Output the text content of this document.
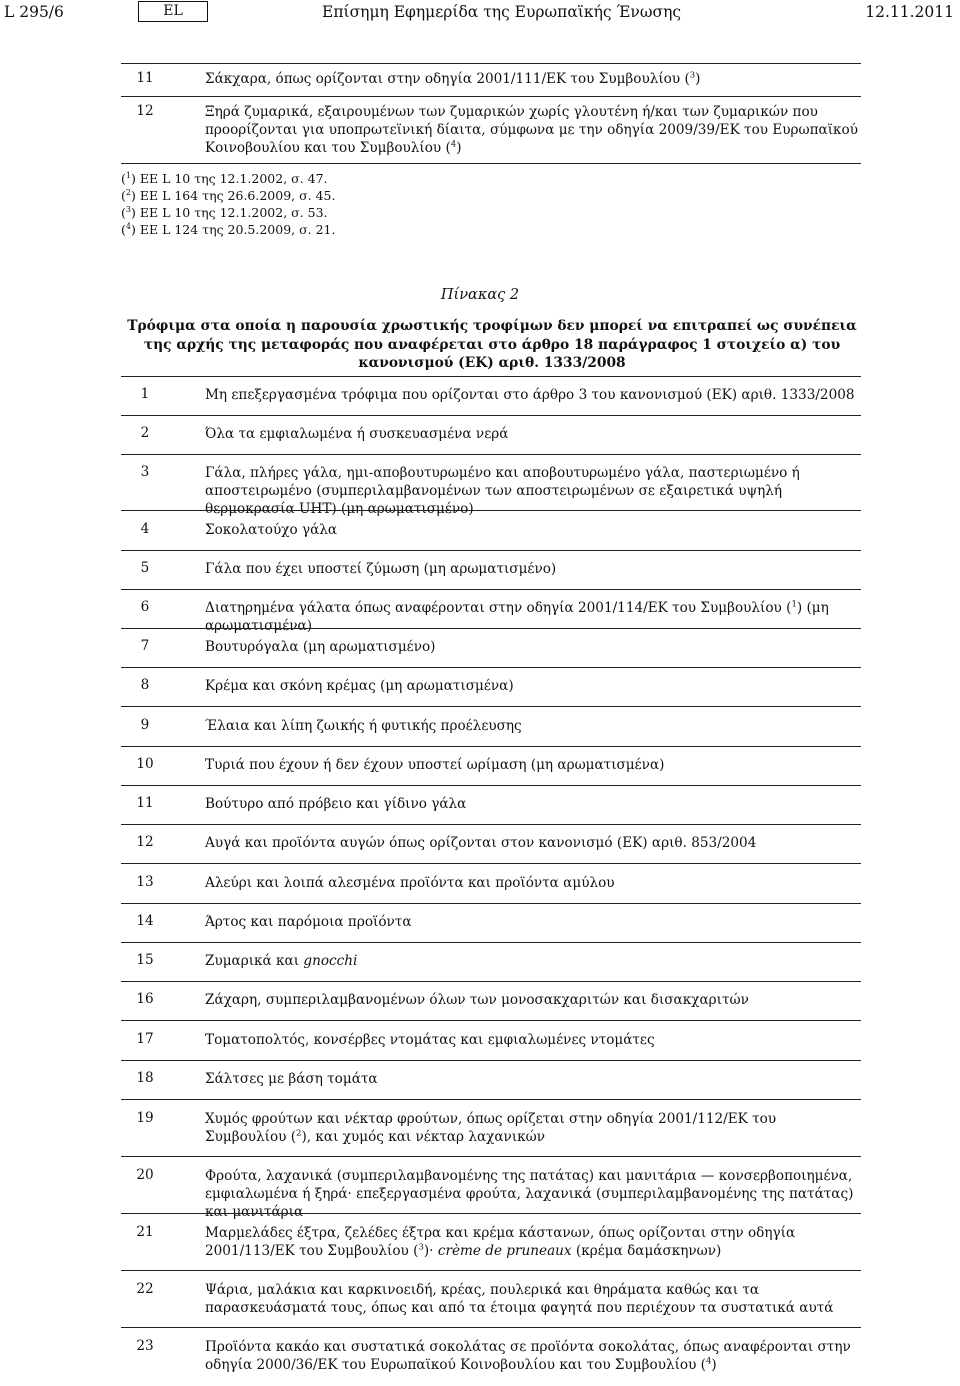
L 295/6	EL	Επίσημη Εφημερίδα της Ευρωπαϊκής Ένωσης	12.11.2011
11	Σάκχαρα, όπως ορίζονται στην οδηγία 2001/111/ΕΚ του Συμβουλίου ($^3$)
12	Ξηρά ζυμαρικά, εξαιρουμένων των ζυμαρικών χωρίς γλουτένη ή/και των ζυμαρικών που προορίζονται για υποπρωτεϊνική δίαιτα, σύμφωνα με την οδηγία 2009/39/ΕΚ του Ευρωπαϊκού Κοινοβουλίου και του Συμβουλίου ($^4$)
($^1$) ΕΕ L 10 της 12.1.2002, σ. 47.
($^2$) ΕΕ L 164 της 26.6.2009, σ. 45.
($^3$) ΕΕ L 10 της 12.1.2002, σ. 53.
($^4$) ΕΕ L 124 της 20.5.2009, σ. 21.
Πίνακας 2
Τρόφιμα στα οποία η παρουσία χρωστικής τροφίμων δεν μπορεί να επιτραπεί ως συνέπεια της αρχής της μεταφοράς που αναφέρεται στο άρθρο 18 παράγραφος 1 στοιχείο α) του κανονισμού (ΕΚ) αριθ. 1333/2008
1	Μη επεξεργασμένα τρόφιμα που ορίζονται στο άρθρο 3 του κανονισμού (ΕΚ) αριθ. 1333/2008
2	Όλα τα εμφιαλωμένα ή συσκευασμένα νερά
3	Γάλα, πλήρες γάλα, ημι-αποβουτυρωμένο και αποβουτυρωμένο γάλα, παστεριωμένο ή αποστειρωμένο (συμπεριλαμβανομένων των αποστειρωμένων σε εξαιρετικά υψηλή θερμοκρασία UHT) (μη αρωματισμένο)
4	Σοκολατούχο γάλα
5	Γάλα που έχει υποστεί ζύμωση (μη αρωματισμένο)
6	Διατηρημένα γάλατα όπως αναφέρονται στην οδηγία 2001/114/ΕΚ του Συμβουλίου ($^1$) (μη αρωματισμένα)
7	Βουτυρόγαλα (μη αρωματισμένο)
8	Κρέμα και σκόνη κρέμας (μη αρωματισμένα)
9	Έλαια και λίπη ζωικής ή φυτικής προέλευσης
10	Τυριά που έχουν ή δεν έχουν υποστεί ωρίμαση (μη αρωματισμένα)
11	Βούτυρο από πρόβειο και γίδινο γάλα
12	Αυγά και προϊόντα αυγών όπως ορίζονται στον κανονισμό (ΕΚ) αριθ. 853/2004
13	Αλεύρι και λοιπά αλεσμένα προϊόντα και προϊόντα αμύλου
14	Άρτος και παρόμοια προϊόντα
15	Ζυμαρικά και gnocchi
16	Ζάχαρη, συμπεριλαμβανομένων όλων των μονοσακχαριτών και δισακχαριτών
17	Τοματοπολτός, κονσέρβες ντομάτας και εμφιαλωμένες ντομάτες
18	Σάλτσες με βάση τομάτα
19	Χυμός φρούτων και νέκταρ φρούτων, όπως ορίζεται στην οδηγία 2001/112/ΕΚ του Συμβουλίου ($^2$), και χυμός και νέκταρ λαχανικών
20	Φρούτα, λαχανικά (συμπεριλαμβανομένης της πατάτας) και μανιτάρια — κονσερβοποιημένα, εμφιαλωμένα ή ξηρά· επεξεργασμένα φρούτα, λαχανικά (συμπεριλαμβανομένης της πατάτας) και μανιτάρια
21	Μαρμελάδες έξτρα, ζελέδες έξτρα και κρέμα κάστανων, όπως ορίζονται στην οδηγία 2001/113/ΕΚ του Συμβουλίου ($^3$)· crème de pruneaux (κρέμα δαμάσκηνων)
22	Ψάρια, μαλάκια και καρκινοειδή, κρέας, πουλερικά και θηράματα καθώς και τα παρασκευάσματά τους, όπως και από τα έτοιμα φαγητά που περιέχουν τα συστατικά αυτά
23	Προϊόντα κακάο και συστατικά σοκολάτας σε προϊόντα σοκολάτας, όπως αναφέρονται στην οδηγία 2000/36/ΕΚ του Ευρωπαϊκού Κοινοβουλίου και του Συμβουλίου ($^4$)
